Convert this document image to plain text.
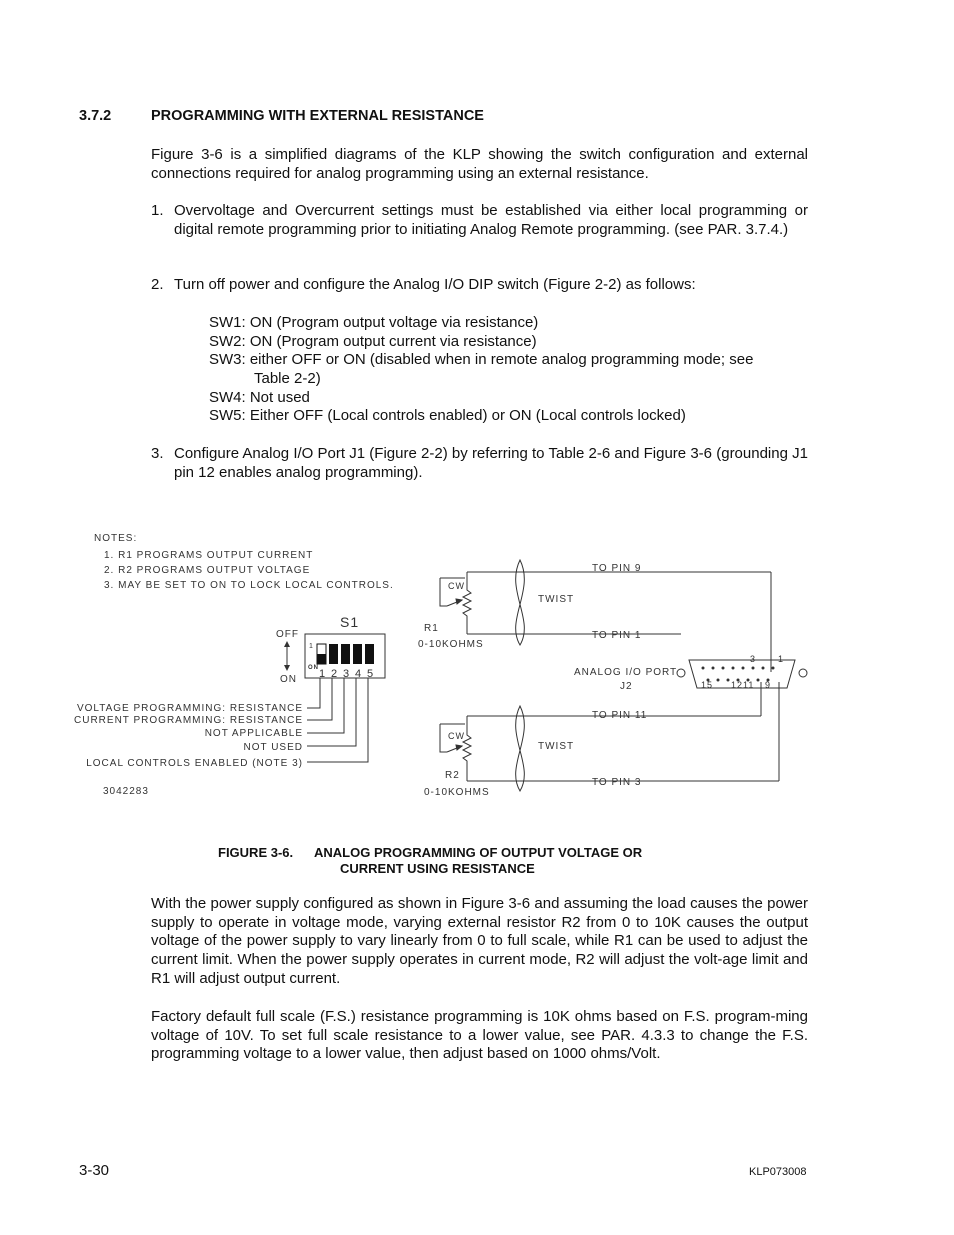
3.7.2	PROGRAMMING WITH EXTERNAL RESISTANCE
Figure 3-6 is a simplified diagrams of the KLP showing the switch configuration and external connections required for analog programming using an external resistance.
1. Overvoltage and Overcurrent settings must be established via either local programming or digital remote programming prior to initiating Analog Remote programming. (see PAR. 3.7.4.)
2. Turn off power and configure the Analog I/O DIP switch (Figure 2-2) as follows:
SW1: ON (Program output voltage via resistance)
SW2: ON (Program output current via resistance)
SW3: either OFF or ON (disabled when in remote analog programming mode; see
Table 2-2)
SW4: Not used
SW5: Either OFF (Local controls enabled) or ON (Local controls locked)
3. Configure Analog I/O Port J1 (Figure 2-2) by referring to Table 2-6 and Figure 3-6 (grounding J1 pin 12 enables analog programming).
NOTES:
1. R1 PROGRAMS OUTPUT CURRENT
2. R2 PROGRAMS OUTPUT VOLTAGE
3. MAY BE SET TO ON TO LOCK LOCAL CONTROLS.
S1
OFF
ON
1
ON 1 2 3 4 5
VOLTAGE PROGRAMMING: RESISTANCE
CURRENT PROGRAMMING: RESISTANCE
NOT APPLICABLE
NOT USED
LOCAL CONTROLS ENABLED (NOTE 3)
3042283
CW
R1
0-10KOHMS
TWIST
TO PIN 9
TO PIN 1
CW
R2
0-10KOHMS
TWIST
TO PIN 11
TO PIN 3
3 1
15 1211 9
ANALOG I/O PORT
J2
FIGURE 3-6. ANALOG PROGRAMMING OF OUTPUT VOLTAGE OR
CURRENT USING RESISTANCE
With the power supply configured as shown in Figure 3-6 and assuming the load causes the power supply to operate in voltage mode, varying external resistor R2 from 0 to 10K causes the output voltage of the power supply to vary linearly from 0 to full scale, while R1 can be used to adjust the current limit. When the power supply operates in current mode, R2 will adjust the volt-age limit and R1 will adjust output current.
Factory default full scale (F.S.) resistance programming is 10K ohms based on F.S. program-ming voltage of 10V. To set full scale resistance to a lower value, see PAR. 4.3.3 to change the F.S. programming voltage to a lower value, then adjust based on 1000 ohms/Volt.
3-30	KLP073008
